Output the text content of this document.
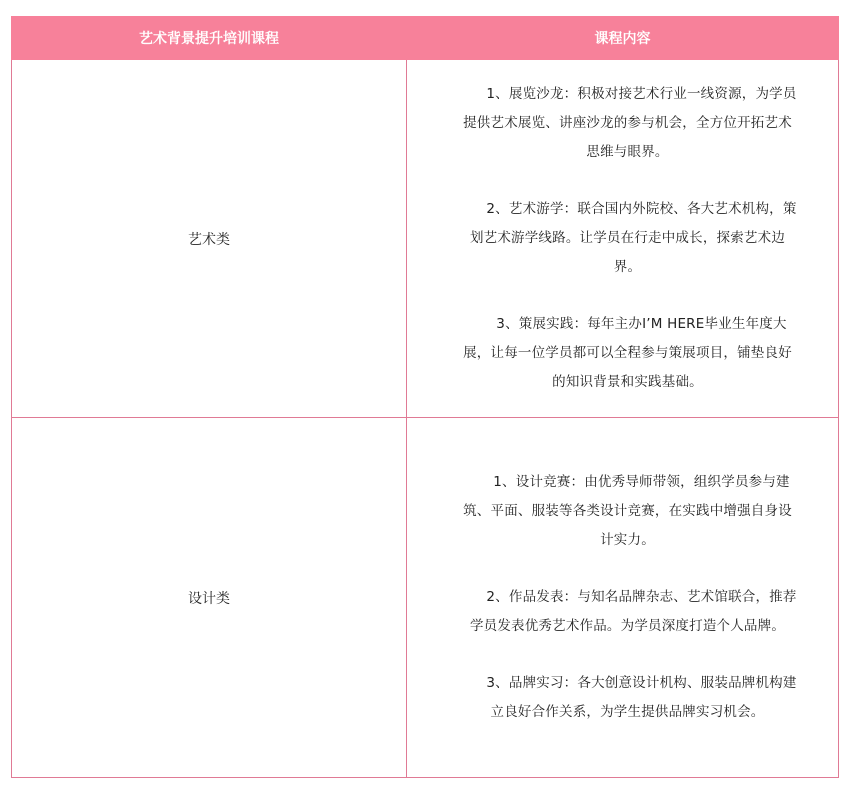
艺术背景提升培训课程	课程内容
艺术类	1、展览沙龙：积极对接艺术行业一线资源，为学员提供艺术展览、讲座沙龙的参与机会，全方位开拓艺术思维与眼界。

2、艺术游学：联合国内外院校、各大艺术机构，策划艺术游学线路。让学员在行走中成长，探索艺术边界。

3、策展实践：每年主办I’M HERE毕业生年度大展，让每一位学员都可以全程参与策展项目，铺垫良好的知识背景和实践基础。

设计类	1、设计竞赛：由优秀导师带领，组织学员参与建筑、平面、服装等各类设计竞赛，在实践中增强自身设计实力。

2、作品发表：与知名品牌杂志、艺术馆联合，推荐学员发表优秀艺术作品。为学员深度打造个人品牌。

3、品牌实习：各大创意设计机构、服装品牌机构建立良好合作关系，为学生提供品牌实习机会。
